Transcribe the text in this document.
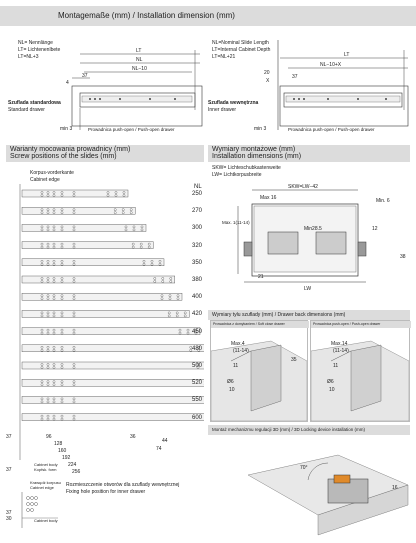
Montagemaße (mm) / Installation dimension (mm)
NL= Nennlänge
LT= Lichtenenlbete
LT=NL+3
LT
NL
NL−10
37
4
min 3
Szuflada standardowa
Standard drawer
Prowadnica push-open / Push-open drawer
NL=Nominal Slide Length
LT=Internal Cabinet Depth
LT=NL+21	LT
NL−10+X
37
20
X
min 3
Szuflada wewnętrzna
Inner drawer
Prowadnica push-open / Push-open drawer
Warianty mocowania prowadnicy (mm)
Screw positions of the slides (mm)
Korpus-vorderkante
Cabinet edge
NL
250
270
300
320
350
380
400
420
450
480
500
520
550
600
37	96
128
160
192
224
256
36
44
74
Cabinet body
Kopfsk. form
37
Krawędź korpusu
Cabinet edge Rozmieszczenie otworów dla szuflady wewnętrznej
Fixing hole position for inner drawer
37
30	Cabinet body
Wymiary montażowe (mm)
Installation dimensions (mm)
SKW= Lichteschubkastenweite
LW= Lichtkorpusbreite
SKW=LW−42
Max 16	Min. 6
Min28.5
Max. 1(11-14)
12
38
21
LW
Wymiary tyłu szuflady (mm) / Drawer back dimensions (mm)
Prowadnica z domykaniem / Soft close drawer
Max.4
(11-14)
11
35
Ø6
10
Prowadnica push-open / Push-open drawer
Max.14
(11-14)
11
Ø6
10
Montaż mechanizmu regulacji 3D (mm) / 3D Locking device installation (mm)
70°
16
